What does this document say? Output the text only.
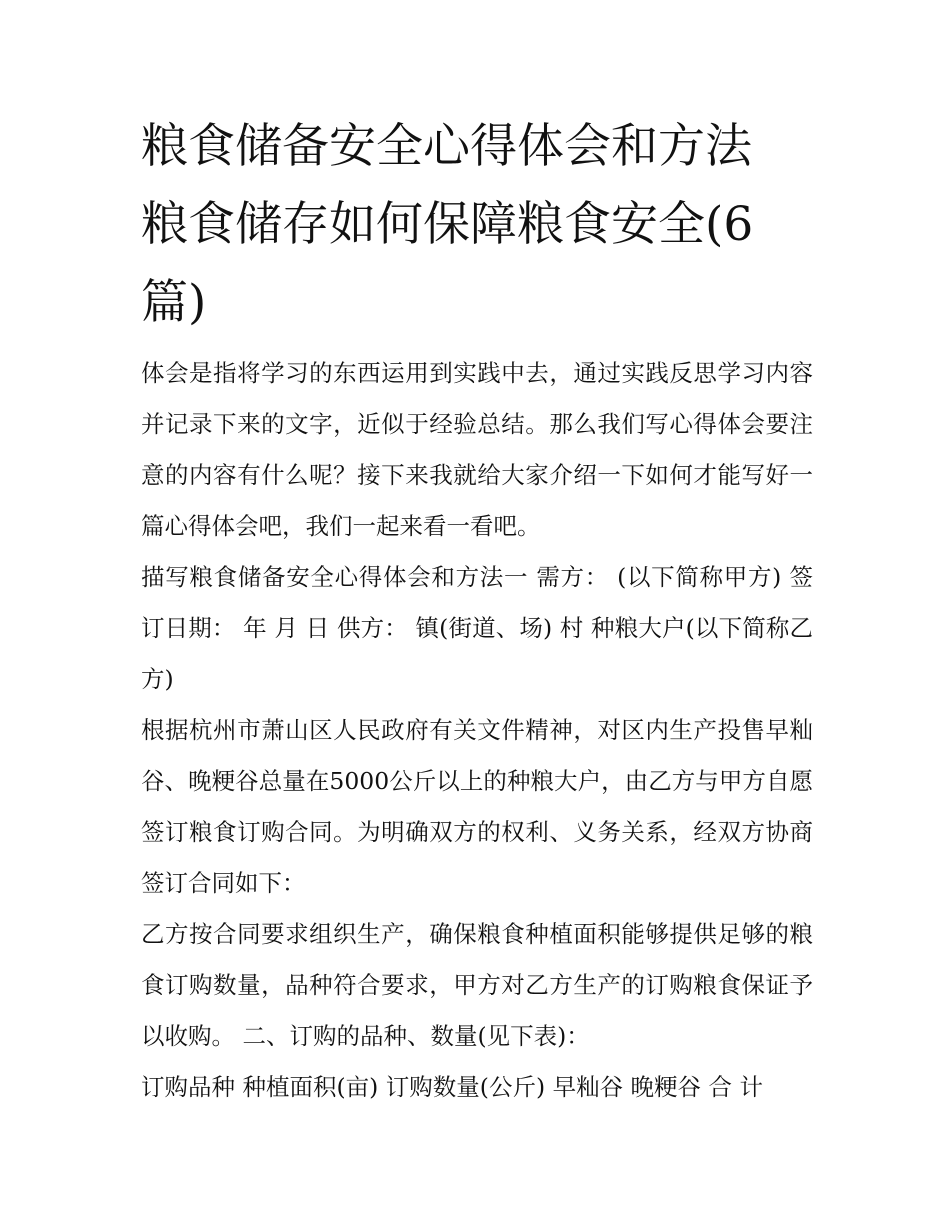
粮食储备安全心得体会和方法 粮食储存如何保障粮食安全(6篇)

体会是指将学习的东西运用到实践中去，通过实践反思学习内容并记录下来的文字，近似于经验总结。那么我们写心得体会要注意的内容有什么呢？接下来我就给大家介绍一下如何才能写好一篇心得体会吧，我们一起来看一看吧。

描写粮食储备安全心得体会和方法一 需方： (以下简称甲方) 签订日期： 年 月 日 供方： 镇(街道、场) 村 种粮大户(以下简称乙方)

根据杭州市萧山区人民政府有关文件精神，对区内生产投售早籼谷、晚粳谷总量在5000公斤以上的种粮大户，由乙方与甲方自愿签订粮食订购合同。为明确双方的权利、义务关系，经双方协商签订合同如下：

乙方按合同要求组织生产，确保粮食种植面积能够提供足够的粮食订购数量，品种符合要求，甲方对乙方生产的订购粮食保证予以收购。 二、订购的品种、数量(见下表)：

订购品种 种植面积(亩) 订购数量(公斤) 早籼谷 晚粳谷 合 计
